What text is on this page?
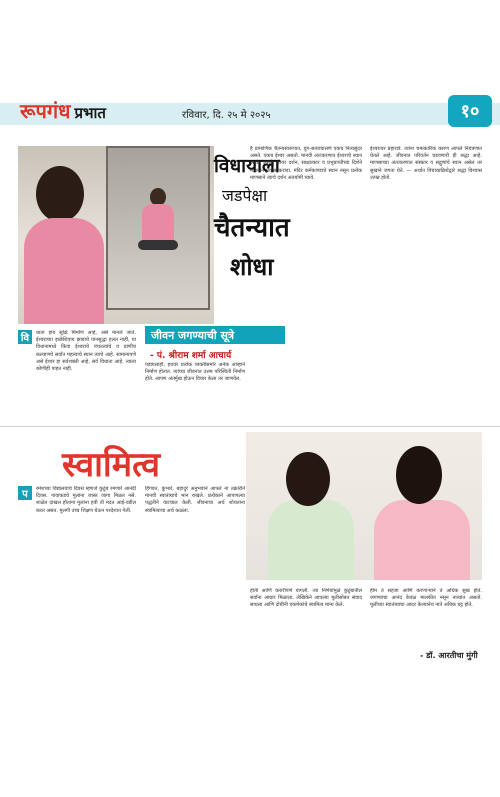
रूपगंध प्रभात	रविवार, दि. २५ मे २०२५	१०
विधायाला
जडपेक्षा
चैतन्यात
शोधा
जीवन जगण्याची सूत्रे
- पं. श्रीराम शर्मा आचार्य
वि	धाता हाय सूक्षि मिर्माण आहे, असे मानले जाते. ईश्वराच्या इच्छेशिवाय झाडाचे पानसुद्धा हलत नाही, या विधानामध्ये किंवा ईश्वराचे पंचतत्वांचे व प्राणींच कल्याणचे सर्वांत महत्त्वाचे स्थान त्याचे आहे. सामान्यपणे असे ईश्वर हा सर्वशक्ती आहे, सर्व विधाता आहे. त्याला कोणीही पाहत नाही.
पडायलाही, इथवर प्रत्येक व्यक्तीसमोर अनेक आव्हाने निर्माण होतात. त्यांच्या जीवनात उत्तम परिस्थिती निर्माण होते. आपण अंतर्मुख होऊन विचार केला तर जाणवेल.
है प्रामाणिक चैतन्यस्वरूपात, युग-सत्याचालणे एकच नित्यसुंदर असते. एकच ईश्वर असतो. मानवी अंतःकरणात ईश्वराचे स्थान अढळ असते. ईश्वर दर्शन, साक्षात्कार व प्रभुप्राप्तीच्या दिशेने मानवाने प्रवास करावा. मंदिर कर्मकाण्डाचे स्थान नसून प्रत्येक माणसाने त्याचे दर्शन अंतर्यामी घ्यावे.
ईश्वरावर प्रहारावे. त्यांना चमत्कारिक कारण आपले नियंत्रणात घेतले आहे. जीवनात परिवर्तन घडवणारी ही श्रद्धा आहे. माणसाच्या अंतःकरणात संस्कार व सद्गुणांचे स्थान असेल तर सुखाने जगता येते. — अर्थात विचारप्रक्रियेद्वारे श्रद्धा विश्वास उत्पन्न होतो.
स्वामित्व
प	रमेशच्या विद्यालयाचे दिवस म्हणजे कुटुंब रमणारे आनंदी दिवस. गावाकडचे मुलांना जास्त जागा मिळत नसे. शाळेत दाखल होताना मुलांना हवी ती मदत आई-वडील करत असत. मुलगी उच्च शिक्षण घेऊन परदेशात गेली.
हिंगवत, कुंभारे, बहादुरे अनुभवाने आपले ना तक्रारीने मानवी स्वातंत्र्याचे भान राखले. प्रत्येकाने आपापल्या पद्धतीने वाटचाल केली. जीवनाचा अर्थ शोधताना स्वामित्वाचा अर्थ कळला.
होती आणि करारीपणे वागली. त्या निर्णयांमुळे कुटुंबातील सर्वांना आधार मिळाला. लेखिकेने आपल्या मुलीसोबत संवाद साधला आणि दोघींनी एकमेकांचे स्वामित्व मान्य केले.
हीम ते सहजा आणि करणाऱ्याने ते अधिक सुख होते. जगण्याचा आनंद केवळ मालकीत नसून नात्यांत असतो. मुलीच्या स्वातंत्र्याचा आदर केल्यानेच नाते अधिक घट्ट होते.
- डॉ. आरतीचा मुंगी
